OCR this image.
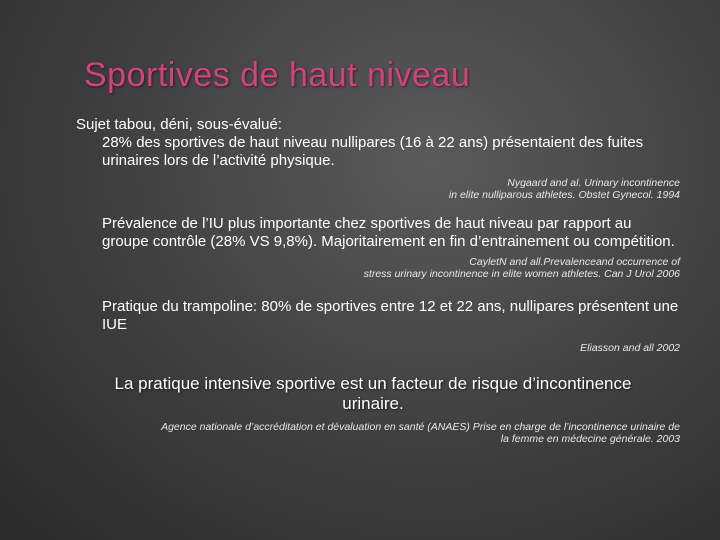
Sportives de haut niveau
Sujet tabou, déni, sous-évalué:
28% des sportives de haut niveau nullipares (16 à 22 ans) présentaient des fuites urinaires lors de l’activité physique.
Nygaard and al. Urinary incontinence
in elite nulliparous athletes. Obstet Gynecol. 1994
Prévalence de l’IU plus importante chez sportives de haut niveau par rapport au groupe contrôle (28% VS 9,8%). Majoritairement en fin d’entrainement ou compétition.
CayletN and all.Prevalenceand occurrence of
stress urinary incontinence in elite women athletes. Can J Urol 2006
Pratique du trampoline: 80% de sportives entre 12 et 22 ans, nullipares présentent une IUE
Eliasson and all 2002
La pratique intensive sportive est un facteur de risque d’incontinence urinaire.
Agence nationale d’accréditation et dévaluation en santé (ANAES) Prise en charge de l’incontinence urinaire de
la femme en médecine générale. 2003
